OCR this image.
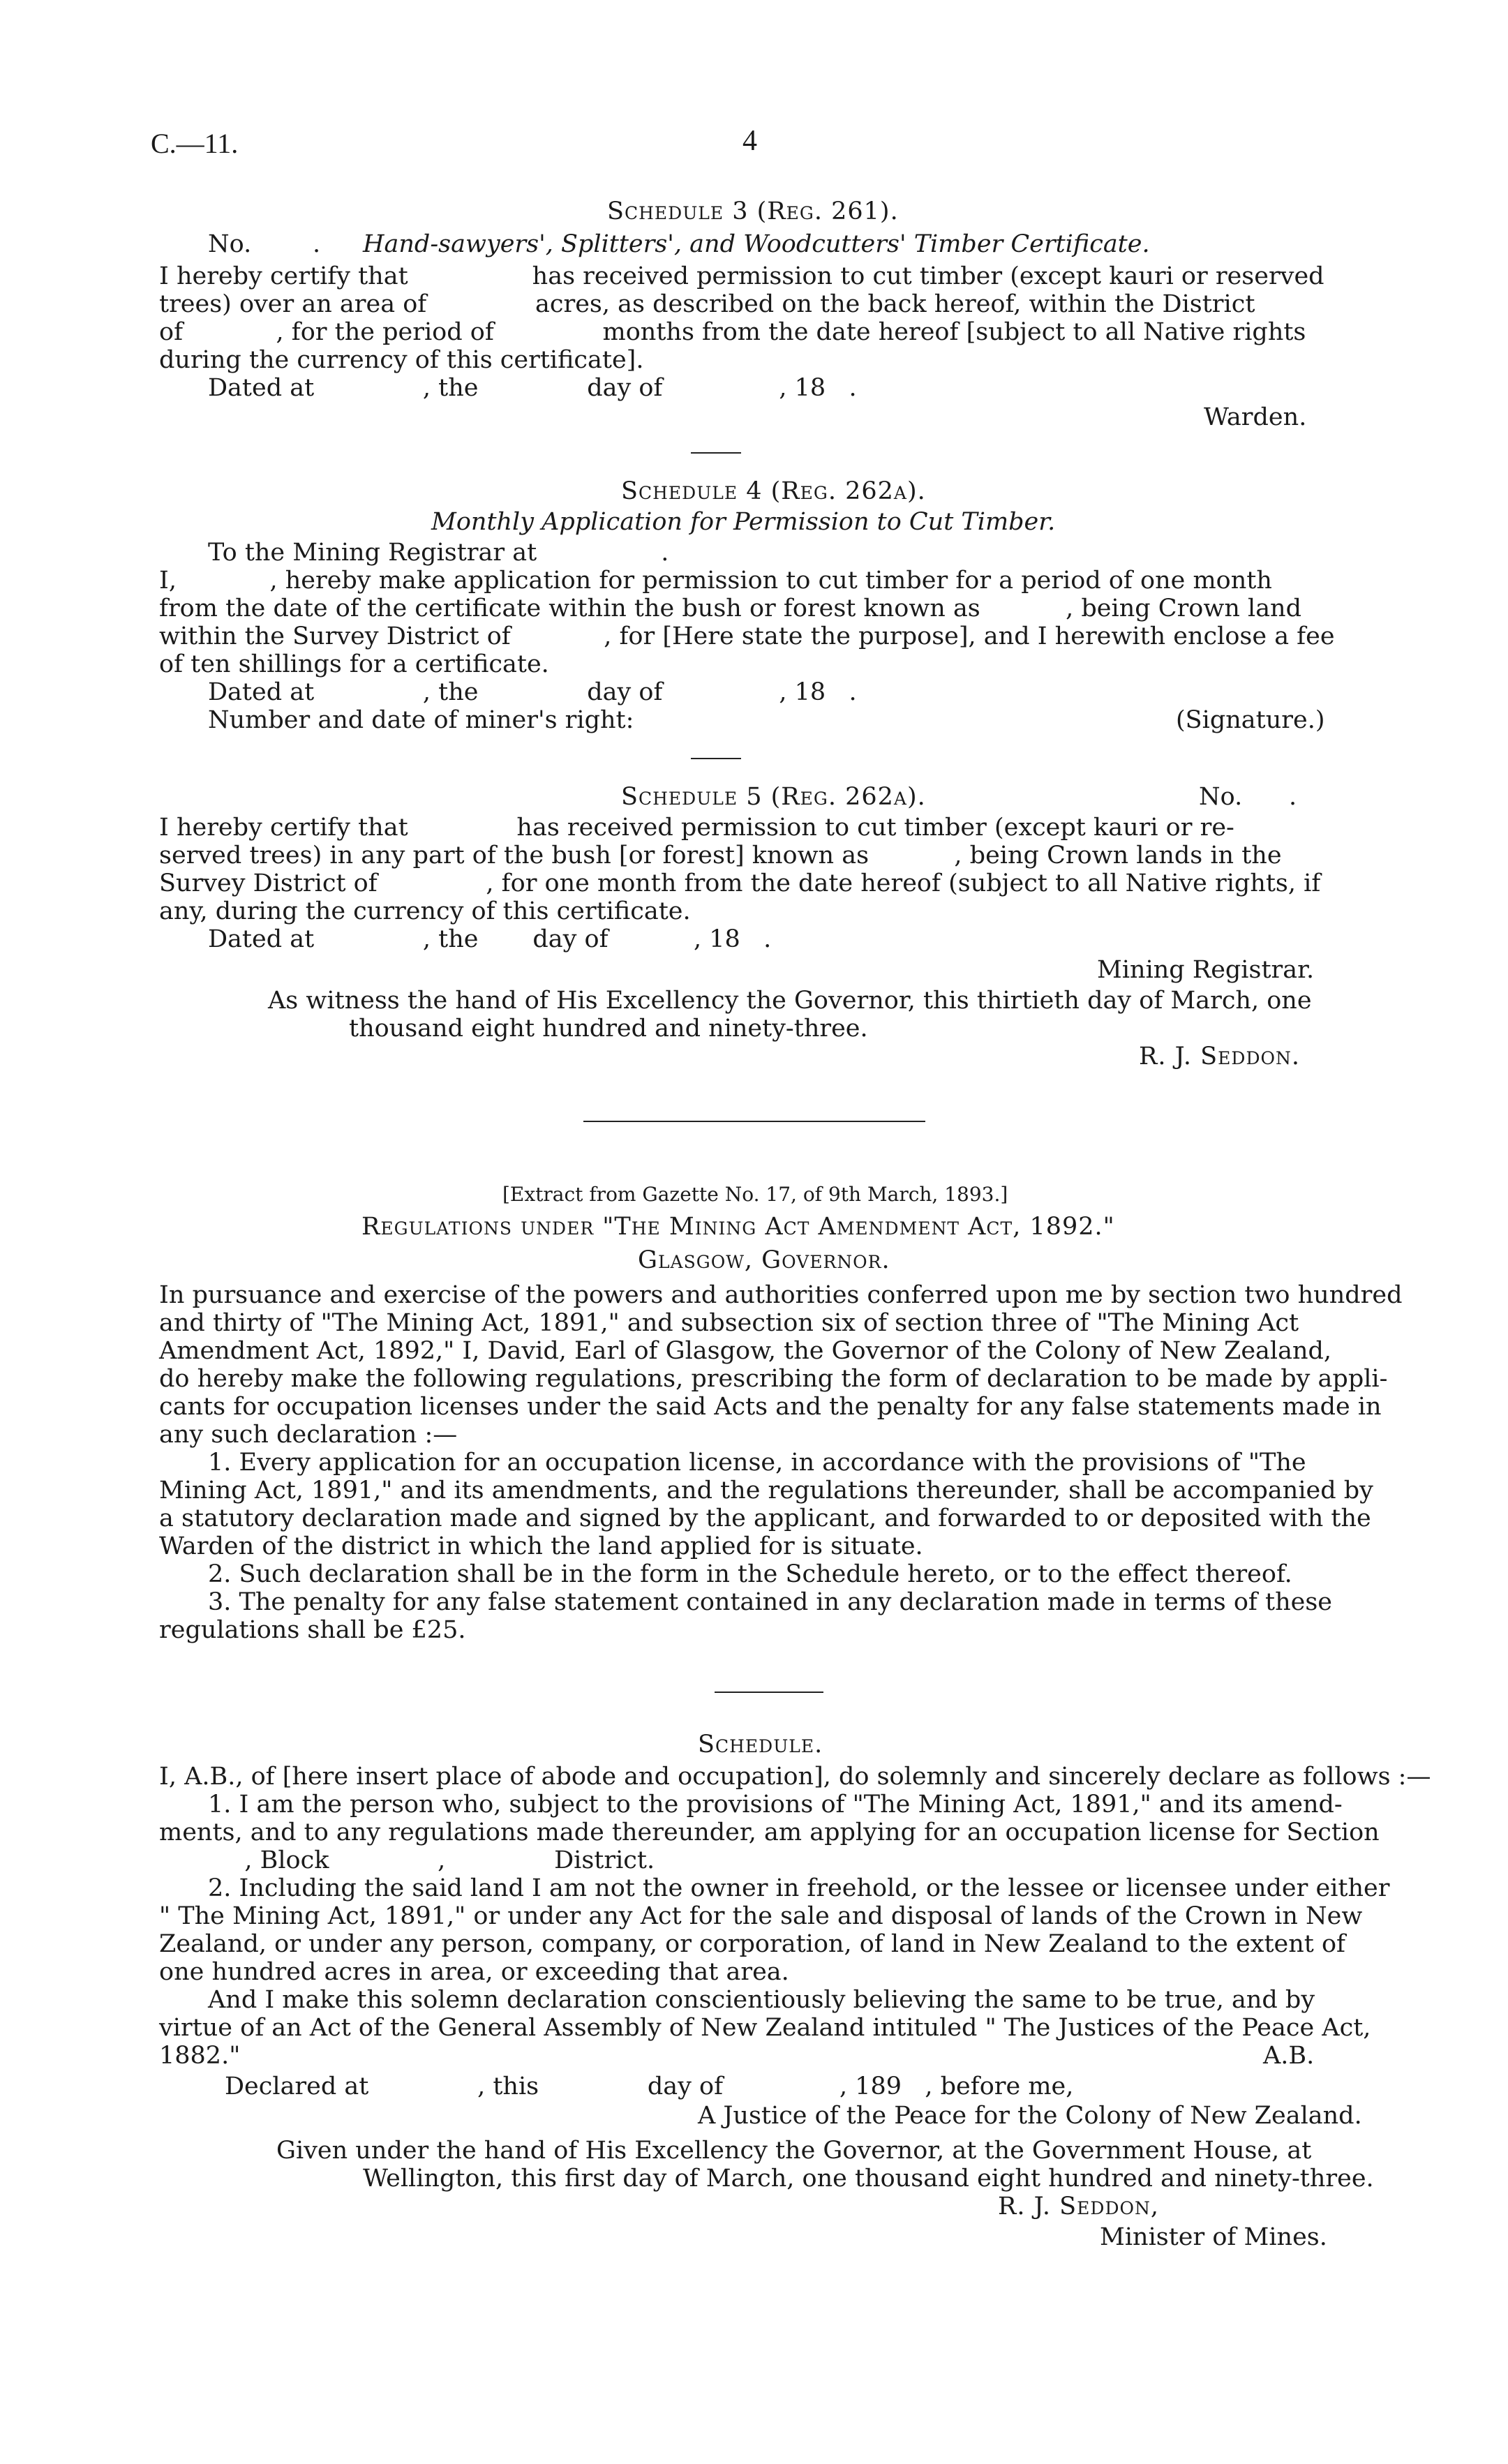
C.—11.	4
Schedule 3 (Reg. 261).
No.	. Hand-sawyers', Splitters', and Woodcutters' Timber Certificate.
I hereby certify that                has received permission to cut timber (except kauri or reserved
trees) over an area of              acres, as described on the back hereof, within the District
of            , for the period of              months from the date hereof [subject to all Native rights
during the currency of this certificate].
Dated at              , the              day of               , 18   .
Warden.
Schedule 4 (Reg. 262a).
Monthly Application for Permission to Cut Timber.
To the Mining Registrar at                .
I,            , hereby make application for permission to cut timber for a period of one month
from the date of the certificate within the bush or forest known as           , being Crown land
within the Survey District of            , for [Here state the purpose], and I herewith enclose a fee
of ten shillings for a certificate.
Dated at              , the              day of               , 18   .
Number and date of miner's right:	(Signature.)
Schedule 5 (Reg. 262a).	No.      .
I hereby certify that              has received permission to cut timber (except kauri or re-
served trees) in any part of the bush [or forest] known as           , being Crown lands in the
Survey District of              , for one month from the date hereof (subject to all Native rights, if
any, during the currency of this certificate.
Dated at              , the       day of           , 18   .
Mining Registrar.
As witness the hand of His Excellency the Governor, this thirtieth day of March, one
thousand eight hundred and ninety-three.
R. J. Seddon.
[Extract from Gazette No. 17, of 9th March, 1893.]
Regulations under "The Mining Act Amendment Act, 1892."
Glasgow, Governor.
In pursuance and exercise of the powers and authorities conferred upon me by section two hundred
and thirty of "The Mining Act, 1891," and subsection six of section three of "The Mining Act
Amendment Act, 1892," I, David, Earl of Glasgow, the Governor of the Colony of New Zealand,
do hereby make the following regulations, prescribing the form of declaration to be made by appli-
cants for occupation licenses under the said Acts and the penalty for any false statements made in
any such declaration :—
1. Every application for an occupation license, in accordance with the provisions of "The
Mining Act, 1891," and its amendments, and the regulations thereunder, shall be accompanied by
a statutory declaration made and signed by the applicant, and forwarded to or deposited with the
Warden of the district in which the land applied for is situate.
2. Such declaration shall be in the form in the Schedule hereto, or to the effect thereof.
3. The penalty for any false statement contained in any declaration made in terms of these
regulations shall be £25.
Schedule.
I, A.B., of [here insert place of abode and occupation], do solemnly and sincerely declare as follows :—
1. I am the person who, subject to the provisions of "The Mining Act, 1891," and its amend-
ments, and to any regulations made thereunder, am applying for an occupation license for Section
, Block              ,              District.
2. Including the said land I am not the owner in freehold, or the lessee or licensee under either
" The Mining Act, 1891," or under any Act for the sale and disposal of lands of the Crown in New
Zealand, or under any person, company, or corporation, of land in New Zealand to the extent of
one hundred acres in area, or exceeding that area.
And I make this solemn declaration conscientiously believing the same to be true, and by
virtue of an Act of the General Assembly of New Zealand intituled " The Justices of the Peace Act,
1882."	A.B.
Declared at              , this              day of               , 189   , before me,
A Justice of the Peace for the Colony of New Zealand.
Given under the hand of His Excellency the Governor, at the Government House, at
Wellington, this first day of March, one thousand eight hundred and ninety-three.
R. J. Seddon,
Minister of Mines.
